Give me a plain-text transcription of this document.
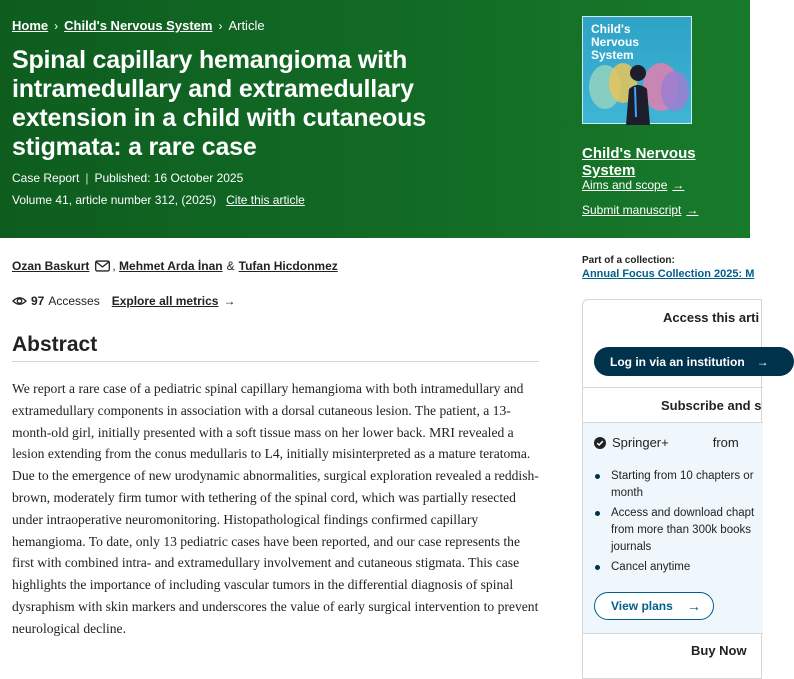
Home › Child's Nervous System › Article
Spinal capillary hemangioma with intramedullary and extramedullary extension in a child with cutaneous stigmata: a rare case
Case Report | Published: 16 October 2025
Volume 41, article number 312, (2025) Cite this article
Child's Nervous System
Child's Nervous System
Aims and scope →
Submit manuscript →
Ozan Baskurt , Mehmet Arda İnan & Tufan Hicdonmez
97 Accesses Explore all metrics →
Abstract

We report a rare case of a pediatric spinal capillary hemangioma with both intramedullary and extramedullary components in association with a dorsal cutaneous lesion. The patient, a 13-month-old girl, initially presented with a soft tissue mass on her lower back. MRI revealed a lesion extending from the conus medullaris to L4, initially misinterpreted as a mature teratoma. Due to the emergence of new urodynamic abnormalities, surgical exploration revealed a reddish-brown, moderately firm tumor with tethering of the spinal cord, which was partially resected under intraoperative neuromonitoring. Histopathological findings confirmed capillary hemangioma. To date, only 13 pediatric cases have been reported, and our case represents the first with combined intra- and extramedullary involvement and cutaneous stigmata. This case highlights the importance of including vascular tumors in the differential diagnosis of spinal dysraphism with skin markers and underscores the value of early surgical intervention to prevent neurological decline.

Part of a collection:
Annual Focus Collection 2025: M
Access this arti
Log in via an institution →
Subscribe and s
Springer+	from
Starting from 10 chapters or month
Access and download chapt from more than 300k books journals
Cancel anytime
View plans →
Buy Now
